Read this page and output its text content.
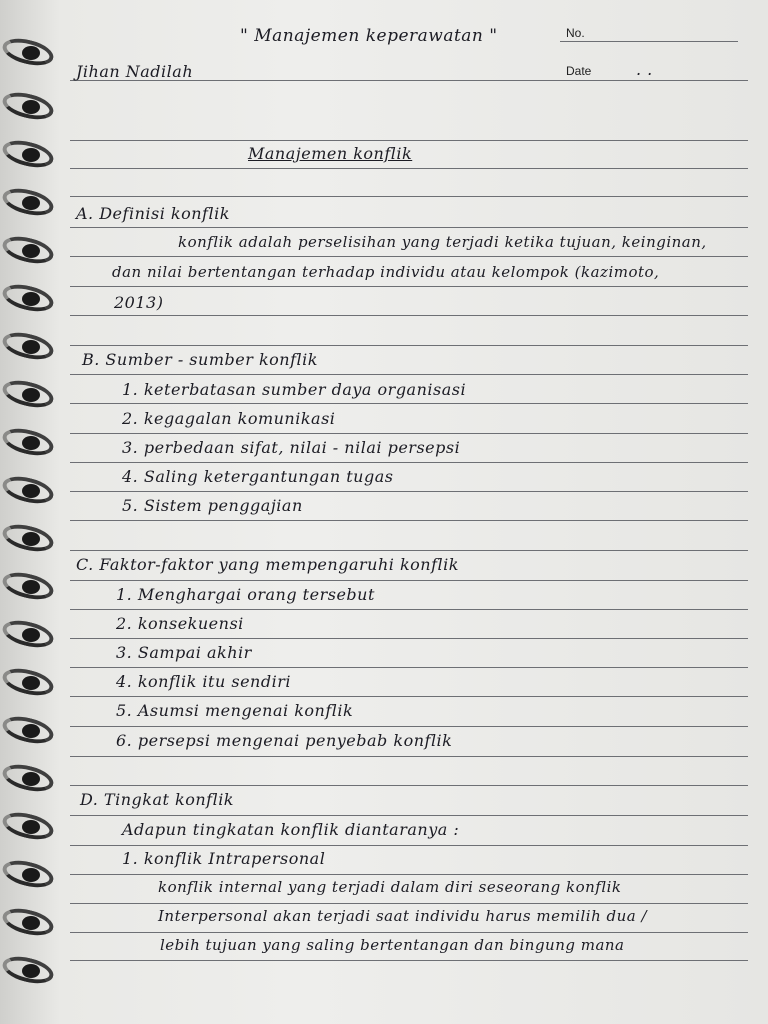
" Manajemen keperawatan "	No.
Jihan Nadilah	Date	. .
Manajemen konflik
A. Definisi konflik
konflik adalah perselisihan yang terjadi ketika tujuan, keinginan,
dan nilai bertentangan terhadap individu atau kelompok (kazimoto,
2013)
B. Sumber - sumber konflik
1. keterbatasan sumber daya organisasi
2. kegagalan komunikasi
3. perbedaan sifat, nilai - nilai persepsi
4. Saling ketergantungan tugas
5. Sistem penggajian
C. Faktor-faktor yang mempengaruhi konflik
1. Menghargai orang tersebut
2. konsekuensi
3. Sampai akhir
4. konflik itu sendiri
5. Asumsi mengenai konflik
6. persepsi mengenai penyebab konflik
D. Tingkat konflik
Adapun tingkatan konflik diantaranya :
1. konflik Intrapersonal
konflik internal yang terjadi dalam diri seseorang konflik
Interpersonal akan terjadi saat individu harus memilih dua /
lebih tujuan yang saling bertentangan dan bingung mana
